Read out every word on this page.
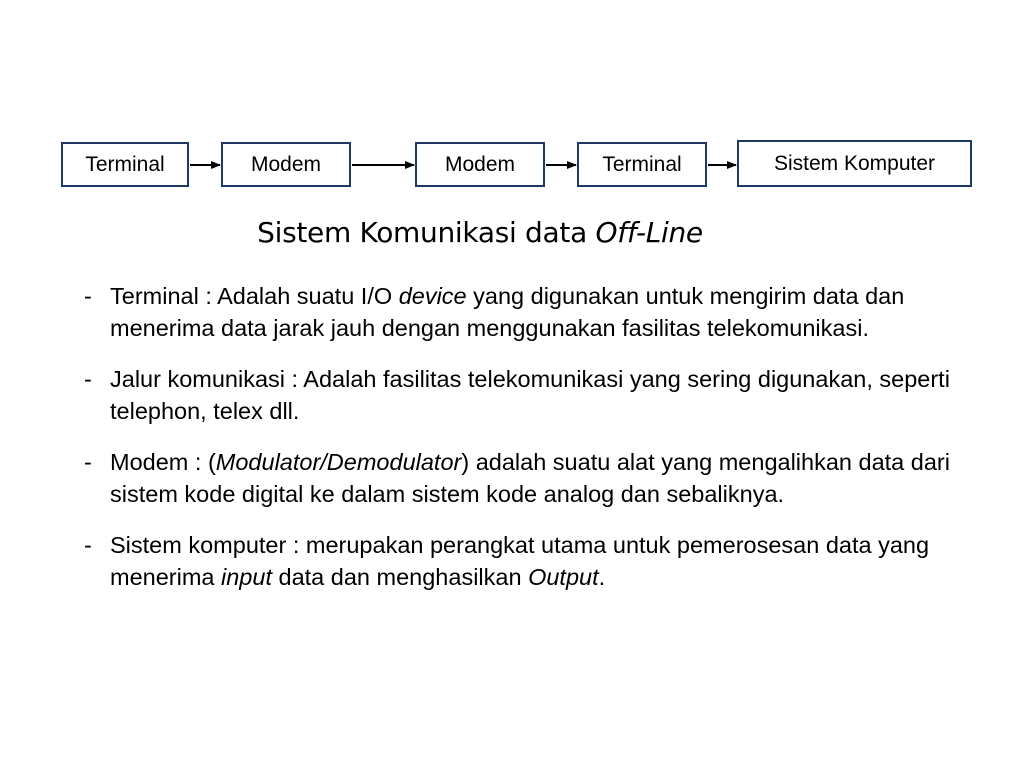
Terminal	Modem	Modem	Terminal	Sistem Komputer
Sistem Komunikasi data Off-Line
- Terminal : Adalah suatu I/O device yang digunakan untuk mengirim data dan menerima data jarak jauh dengan menggunakan fasilitas telekomunikasi.
- Jalur komunikasi : Adalah fasilitas telekomunikasi yang sering digunakan, seperti telephon, telex dll.
- Modem : (Modulator/Demodulator) adalah suatu alat yang mengalihkan data dari sistem kode digital ke dalam sistem kode analog dan sebaliknya.
- Sistem komputer : merupakan perangkat utama untuk pemerosesan data yang menerima input data dan menghasilkan Output.
